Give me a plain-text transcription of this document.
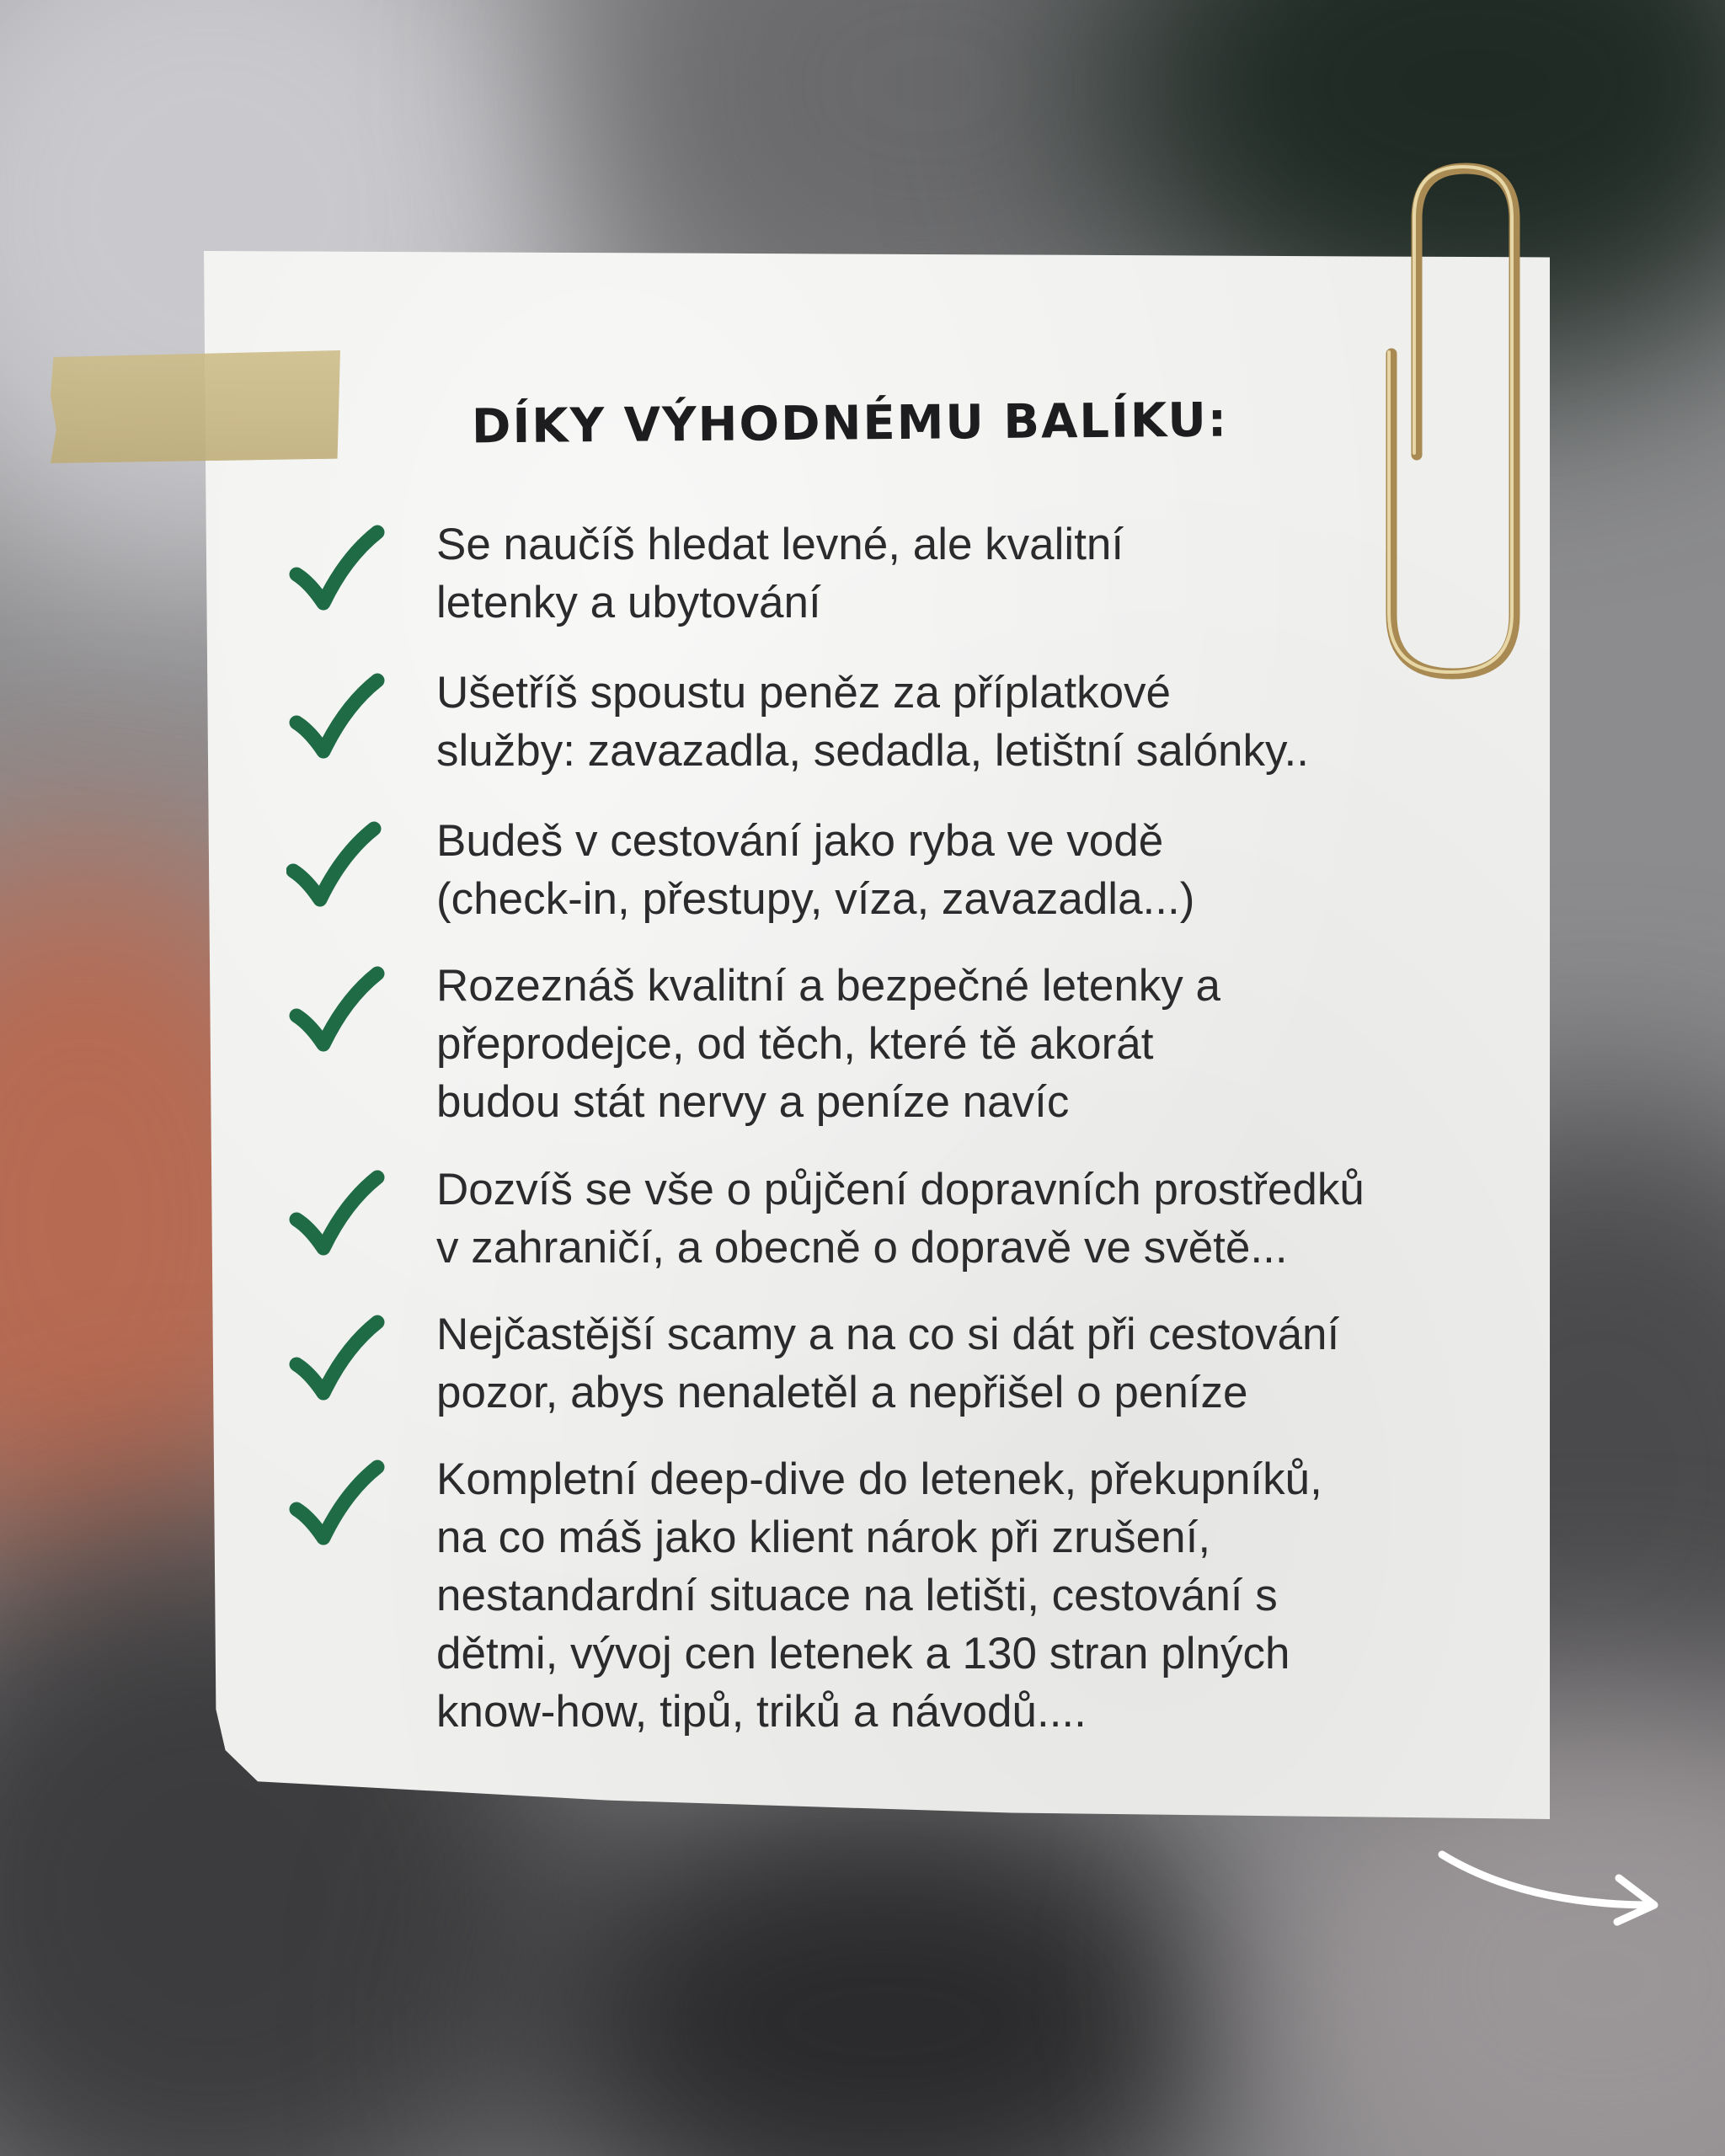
DÍKY VÝHODNÉMU BALÍKU:
Se naučíš hledat levné, ale kvalitní
letenky a ubytování
Ušetříš spoustu peněz za příplatkové
služby: zavazadla, sedadla, letištní salónky..
Budeš v cestování jako ryba ve vodě
(check-in, přestupy, víza, zavazadla...)
Rozeznáš kvalitní a bezpečné letenky a
přeprodejce, od těch, které tě akorát
budou stát nervy a peníze navíc
Dozvíš se vše o půjčení dopravních prostředků
v zahraničí, a obecně o dopravě ve světě...
Nejčastější scamy a na co si dát při cestování
pozor, abys nenaletěl a nepřišel o peníze
Kompletní deep-dive do letenek, překupníků,
na co máš jako klient nárok při zrušení,
nestandardní situace na letišti, cestování s
dětmi, vývoj cen letenek a 130 stran plných
know-how, tipů, triků a návodů....
